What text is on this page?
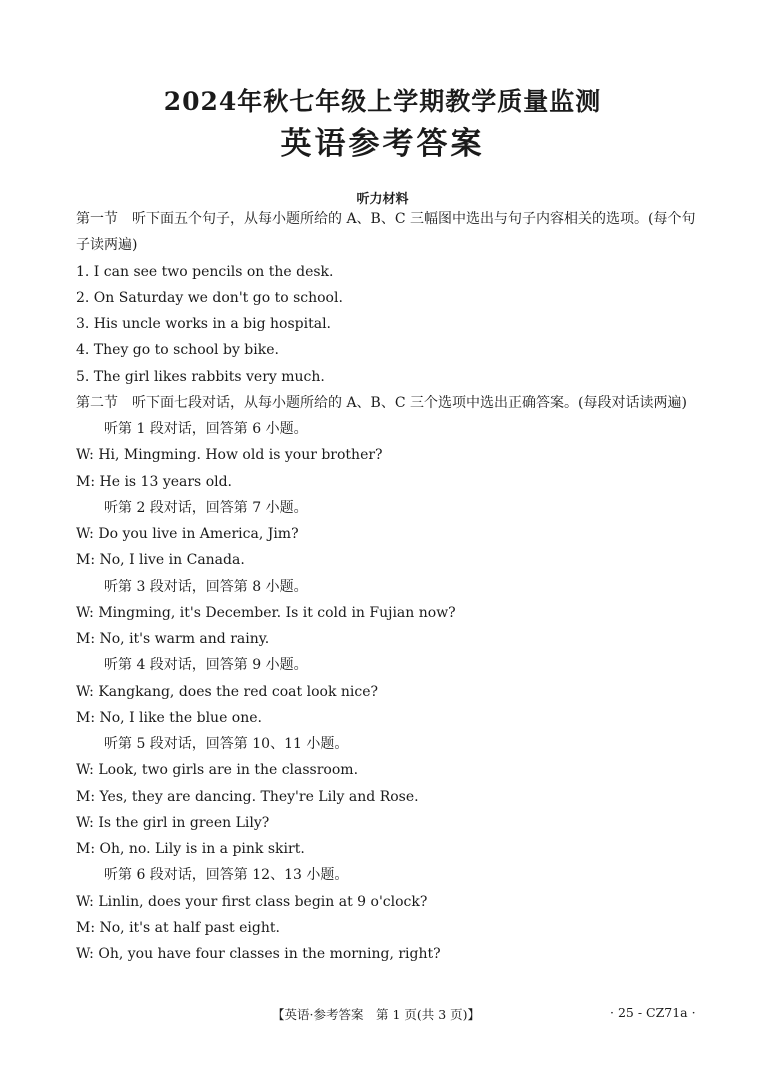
2024年秋七年级上学期教学质量监测
英语参考答案
听力材料
第一节　听下面五个句子，从每小题所给的 A、B、C 三幅图中选出与句子内容相关的选项。(每个句子读两遍)
1. I can see two pencils on the desk.
2. On Saturday we don't go to school.
3. His uncle works in a big hospital.
4. They go to school by bike.
5. The girl likes rabbits very much.
第二节　听下面七段对话，从每小题所给的 A、B、C 三个选项中选出正确答案。(每段对话读两遍)
听第 1 段对话，回答第 6 小题。
W: Hi, Mingming. How old is your brother?
M: He is 13 years old.
听第 2 段对话，回答第 7 小题。
W: Do you live in America, Jim?
M: No, I live in Canada.
听第 3 段对话，回答第 8 小题。
W: Mingming, it's December. Is it cold in Fujian now?
M: No, it's warm and rainy.
听第 4 段对话，回答第 9 小题。
W: Kangkang, does the red coat look nice?
M: No, I like the blue one.
听第 5 段对话，回答第 10、11 小题。
W: Look, two girls are in the classroom.
M: Yes, they are dancing. They're Lily and Rose.
W: Is the girl in green Lily?
M: Oh, no. Lily is in a pink skirt.
听第 6 段对话，回答第 12、13 小题。
W: Linlin, does your first class begin at 9 o'clock?
M: No, it's at half past eight.
W: Oh, you have four classes in the morning, right?
【英语·参考答案　第 1 页(共 3 页)】	· 25 - CZ71a ·
